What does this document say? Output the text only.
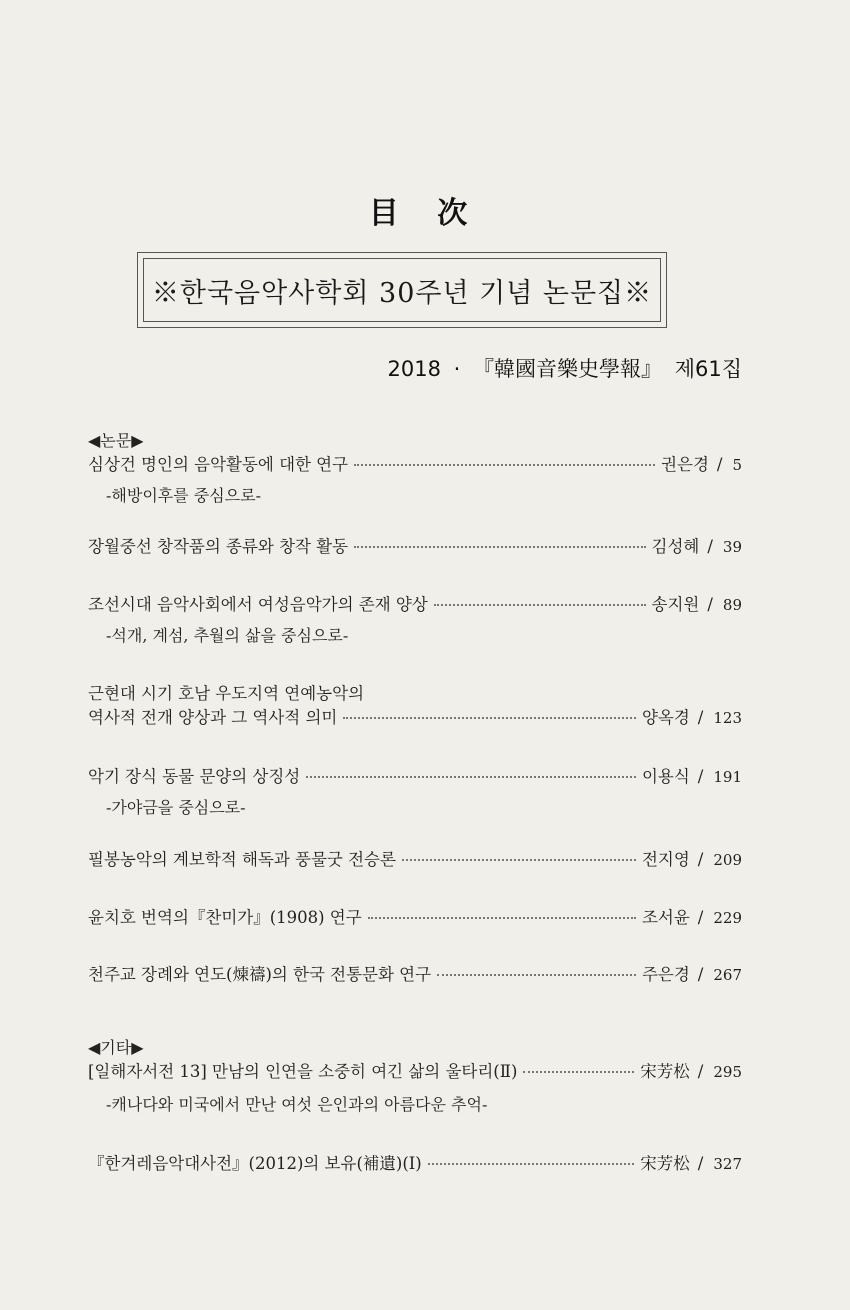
目 次
※한국음악사학회 30주년 기념 논문집※
2018 · 『韓國音樂史學報』 제61집
◀논문▶
심상건 명인의 음악활동에 대한 연구	권은경 / 5
-해방이후를 중심으로-
장월중선 창작품의 종류와 창작 활동	김성혜 / 39
조선시대 음악사회에서 여성음악가의 존재 양상	송지원 / 89
-석개, 계섬, 추월의 삶을 중심으로-
근현대 시기 호남 우도지역 연예농악의
역사적 전개 양상과 그 역사적 의미	양옥경 / 123
악기 장식 동물 문양의 상징성	이용식 / 191
-가야금을 중심으로-
필봉농악의 계보학적 해독과 풍물굿 전승론	전지영 / 209
윤치호 번역의『찬미가』(1908) 연구	조서윤 / 229
천주교 장례와 연도(煉禱)의 한국 전통문화 연구	주은경 / 267
◀기타▶
[일해자서전 13] 만남의 인연을 소중히 여긴 삶의 울타리(Ⅱ)	宋芳松 / 295
-캐나다와 미국에서 만난 여섯 은인과의 아름다운 추억-
『한겨레음악대사전』(2012)의 보유(補遺)(Ⅰ)	宋芳松 / 327
